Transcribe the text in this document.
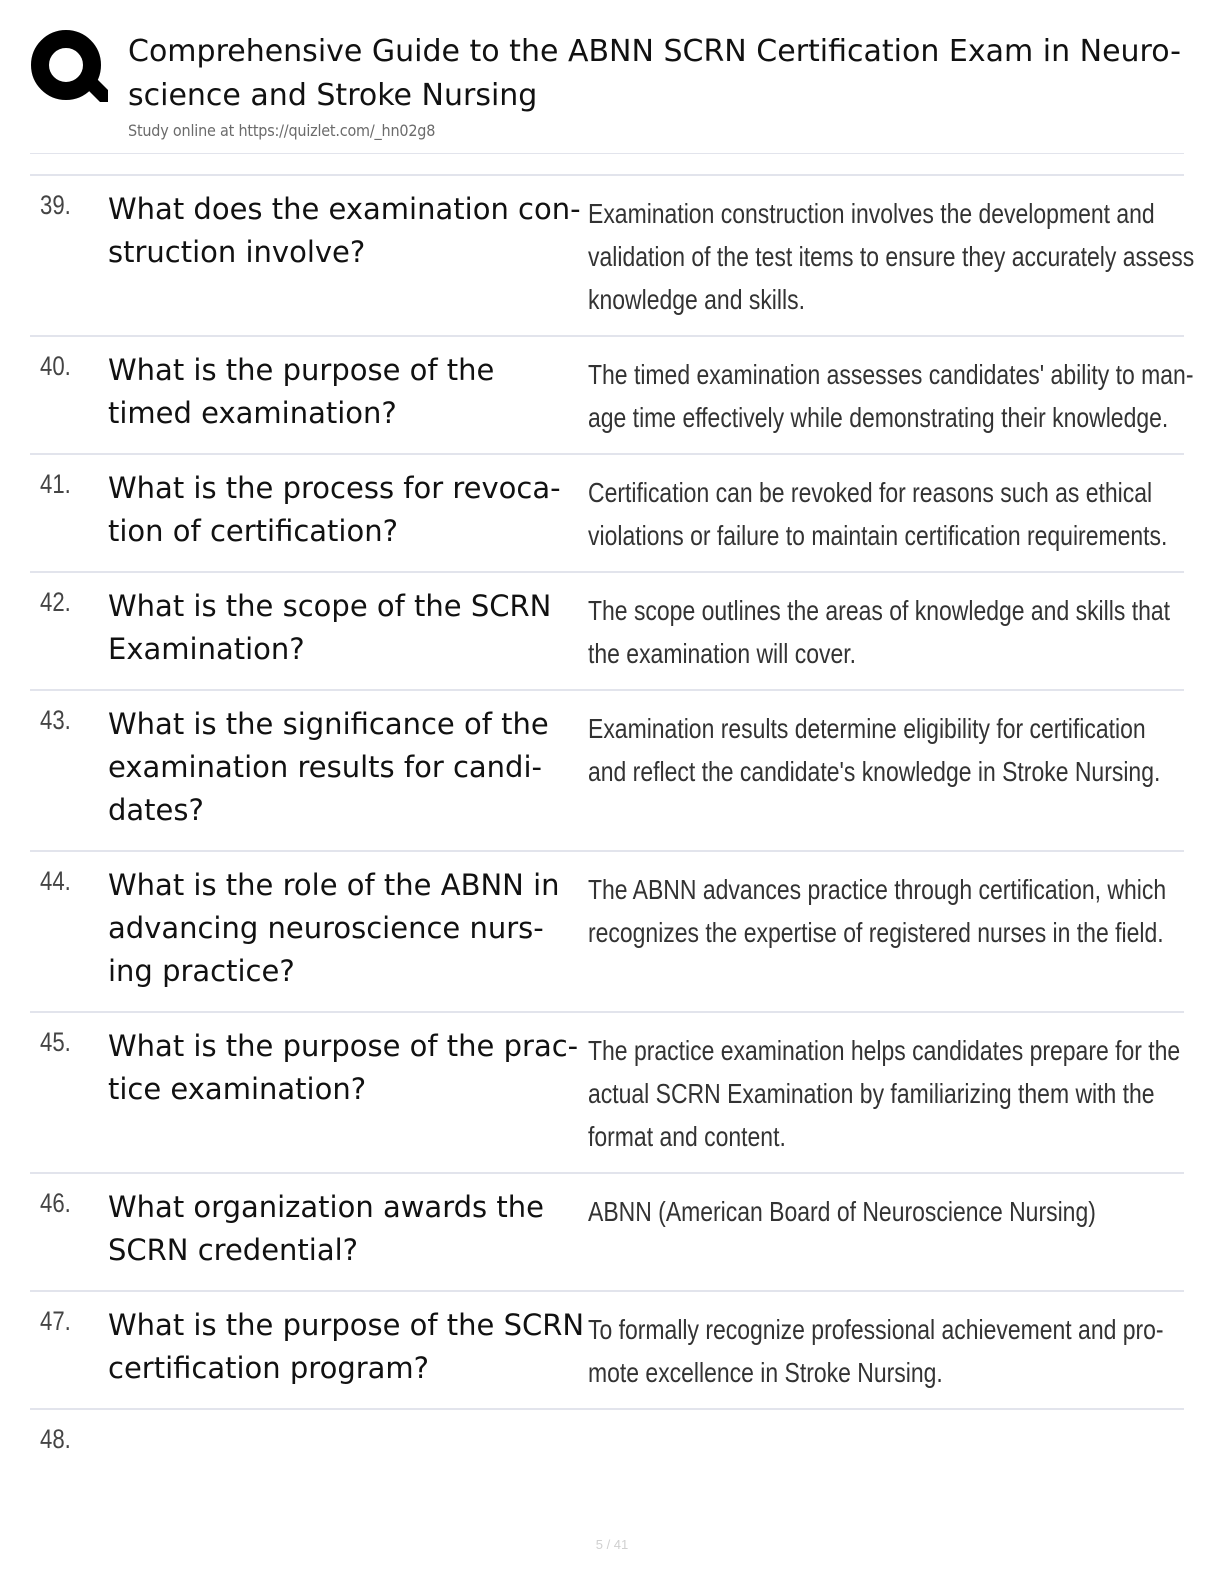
Comprehensive Guide to the ABNN SCRN Certification Exam in Neuro-
science and Stroke Nursing
Study online at https://quizlet.com/_hn02g8
39. What does the examination con-
struction involve?
Examination construction involves the development and
validation of the test items to ensure they accurately assess
knowledge and skills.
40. What is the purpose of the
timed examination?
The timed examination assesses candidates' ability to man-
age time effectively while demonstrating their knowledge.
41. What is the process for revoca-
tion of certification?
Certification can be revoked for reasons such as ethical
violations or failure to maintain certification requirements.
42. What is the scope of the SCRN
Examination?
The scope outlines the areas of knowledge and skills that
the examination will cover.
43. What is the significance of the
examination results for candi-
dates?
Examination results determine eligibility for certification
and reflect the candidate's knowledge in Stroke Nursing.
44. What is the role of the ABNN in
advancing neuroscience nurs-
ing practice?
The ABNN advances practice through certification, which
recognizes the expertise of registered nurses in the field.
45. What is the purpose of the prac-
tice examination?
The practice examination helps candidates prepare for the
actual SCRN Examination by familiarizing them with the
format and content.
46. What organization awards the
SCRN credential?
ABNN (American Board of Neuroscience Nursing)
47. What is the purpose of the SCRN
certification program?
To formally recognize professional achievement and pro-
mote excellence in Stroke Nursing.
48.
5 / 41
